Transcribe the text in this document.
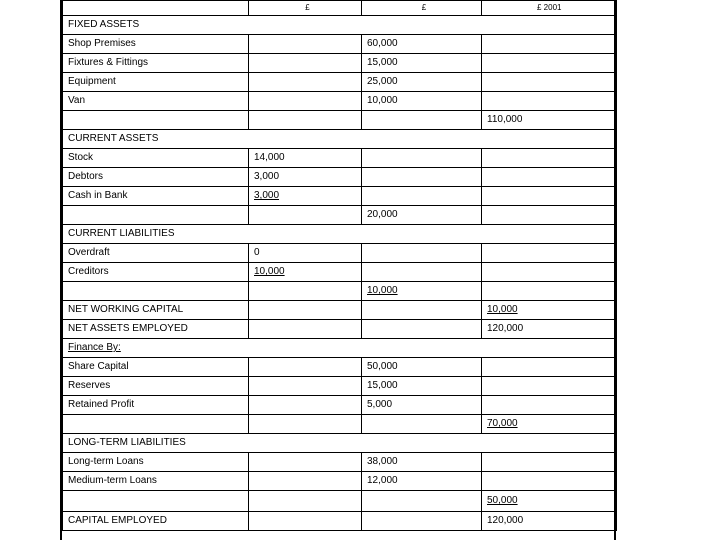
	£	£	£ 2001
FIXED ASSETS			
Shop Premises		60,000	
Fixtures & Fittings		15,000	
Equipment		25,000	
Van		10,000	
			110,000
CURRENT ASSETS			
Stock	14,000		
Debtors	3,000		
Cash in Bank	3,000		
		20,000	
CURRENT LIABILITIES			
Overdraft	0		
Creditors	10,000		
		10,000	
NET WORKING CAPITAL			10,000
NET ASSETS EMPLOYED			120,000
Finance By:			
Share Capital		50,000	
Reserves		15,000	
Retained Profit		5,000	
			70,000
LONG-TERM LIABILITIES			
Long-term Loans		38,000	
Medium-term Loans		12,000	
			50,000
CAPITAL EMPLOYED			120,000
